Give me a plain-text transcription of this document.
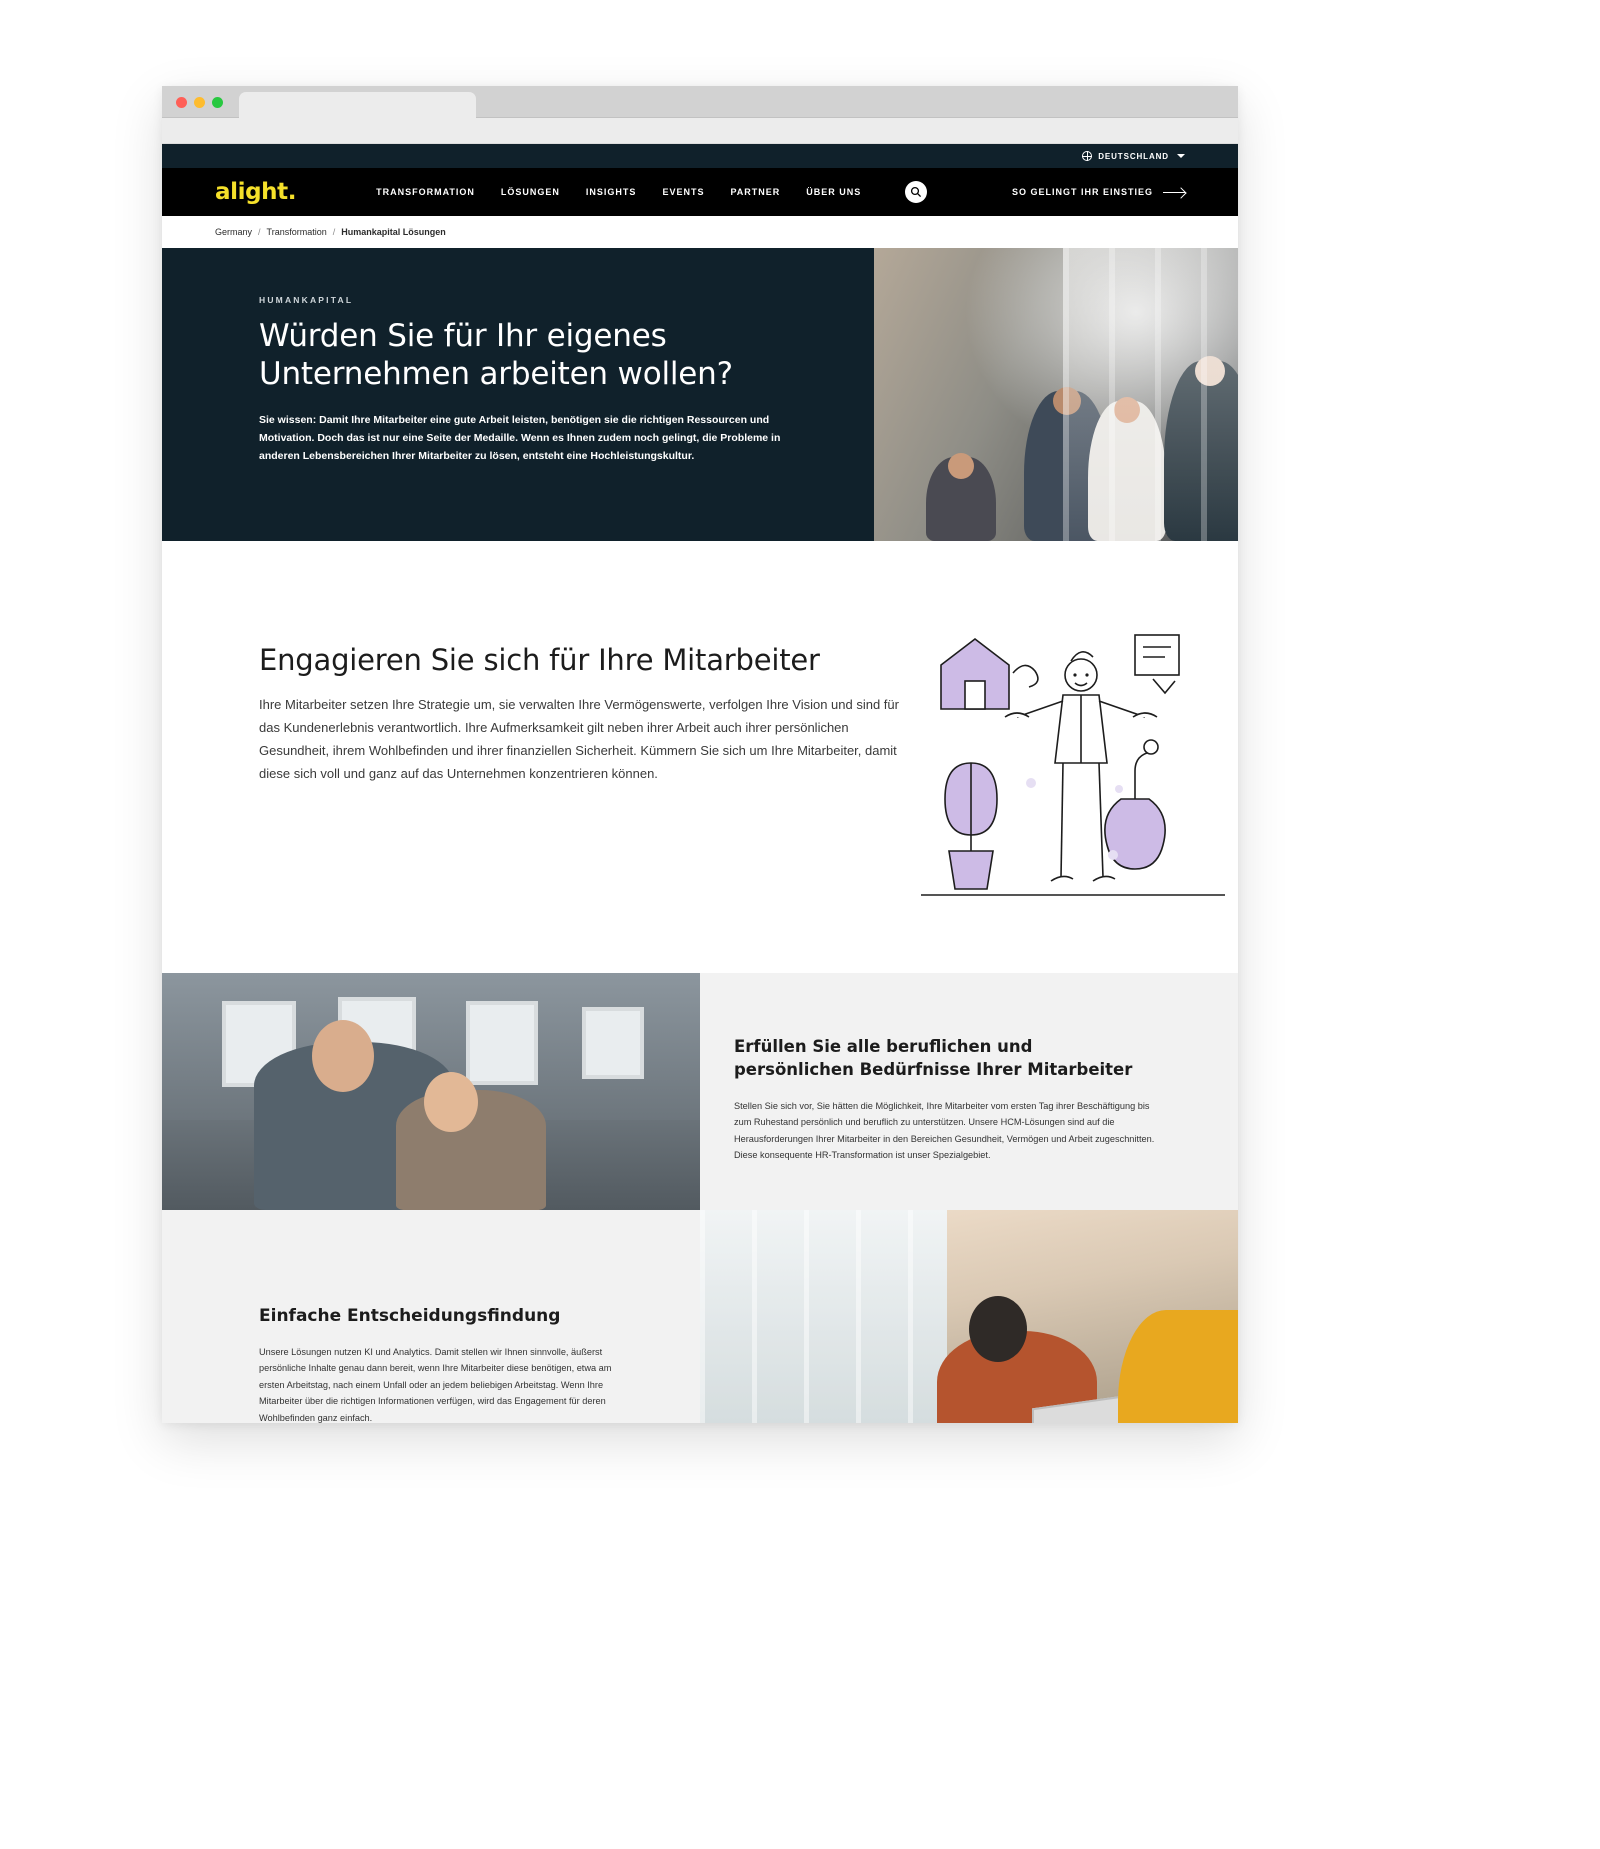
DEUTSCHLAND
alight.	TRANSFORMATION	LÖSUNGEN	INSIGHTS	EVENTS	PARTNER	ÜBER UNS	SO GELINGT IHR EINSTIEG
Germany / Transformation / Humankapital Lösungen
HUMANKAPITAL
Würden Sie für Ihr eigenes Unternehmen arbeiten wollen?

Sie wissen: Damit Ihre Mitarbeiter eine gute Arbeit leisten, benötigen sie die richtigen Ressourcen und Motivation. Doch das ist nur eine Seite der Medaille. Wenn es Ihnen zudem noch gelingt, die Probleme in anderen Lebensbereichen Ihrer Mitarbeiter zu lösen, entsteht eine Hochleistungskultur.

Engagieren Sie sich für Ihre Mitarbeiter

Ihre Mitarbeiter setzen Ihre Strategie um, sie verwalten Ihre Vermögenswerte, verfolgen Ihre Vision und sind für das Kundenerlebnis verantwortlich. Ihre Aufmerksamkeit gilt neben ihrer Arbeit auch ihrer persönlichen Gesundheit, ihrem Wohlbefinden und ihrer finanziellen Sicherheit. Kümmern Sie sich um Ihre Mitarbeiter, damit diese sich voll und ganz auf das Unternehmen konzentrieren können.

Erfüllen Sie alle beruflichen und persönlichen Bedürfnisse Ihrer Mitarbeiter

Stellen Sie sich vor, Sie hätten die Möglichkeit, Ihre Mitarbeiter vom ersten Tag ihrer Beschäftigung bis zum Ruhestand persönlich und beruflich zu unterstützen. Unsere HCM-Lösungen sind auf die Herausforderungen Ihrer Mitarbeiter in den Bereichen Gesundheit, Vermögen und Arbeit zugeschnitten. Diese konsequente HR-Transformation ist unser Spezialgebiet.

Einfache Entscheidungsfindung

Unsere Lösungen nutzen KI und Analytics. Damit stellen wir Ihnen sinnvolle, äußerst persönliche Inhalte genau dann bereit, wenn Ihre Mitarbeiter diese benötigen, etwa am ersten Arbeitstag, nach einem Unfall oder an jedem beliebigen Arbeitstag. Wenn Ihre Mitarbeiter über die richtigen Informationen verfügen, wird das Engagement für deren Wohlbefinden ganz einfach.
